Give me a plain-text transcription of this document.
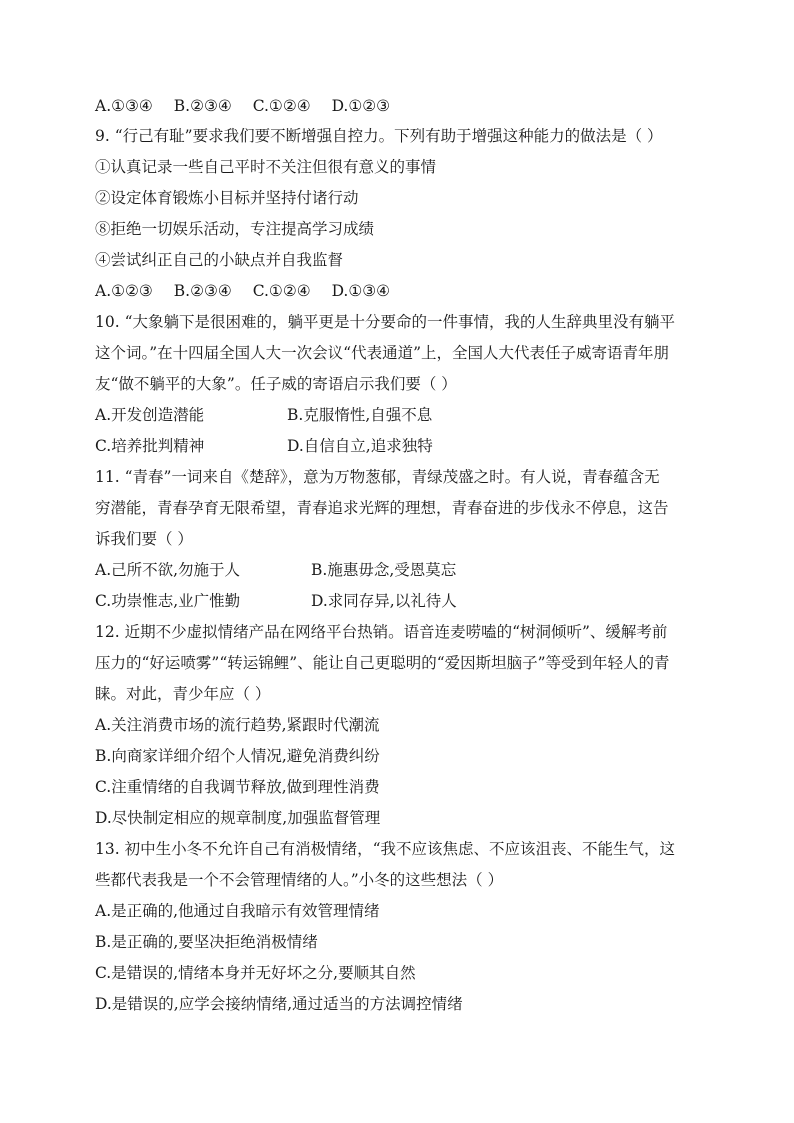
A.①③④ B.②③④ C.①②④ D.①②③
9. “行己有耻”要求我们要不断增强自控力。下列有助于增强这种能力的做法是（ ）
①认真记录一些自己平时不关注但很有意义的事情
②设定体育锻炼小目标并坚持付诸行动
⑧拒绝一切娱乐活动，专注提高学习成绩
④尝试纠正自己的小缺点并自我监督
A.①②③ B.②③④ C.①②④ D.①③④
10. “大象躺下是很困难的，躺平更是十分要命的一件事情，我的人生辞典里没有躺平
这个词。”在十四届全国人大一次会议“代表通道”上，全国人大代表任子威寄语青年朋
友“做不躺平的大象”。任子威的寄语启示我们要（ ）
A.开发创造潜能	B.克服惰性,自强不息
C.培养批判精神	D.自信自立,追求独特
11. “青春”一词来自《楚辞》，意为万物葱郁，青绿茂盛之时。有人说，青春蕴含无
穷潜能，青春孕育无限希望，青春追求光辉的理想，青春奋进的步伐永不停息，这告
诉我们要（ ）
A.己所不欲,勿施于人	B.施惠毋念,受恩莫忘
C.功崇惟志,业广惟勤	D.求同存异,以礼待人
12. 近期不少虚拟情绪产品在网络平台热销。语音连麦唠嗑的“树洞倾听”、缓解考前
压力的“好运喷雾”“转运锦鲤”、能让自己更聪明的“爱因斯坦脑子”等受到年轻人的青
睐。对此，青少年应（ ）
A.关注消费市场的流行趋势,紧跟时代潮流
B.向商家详细介绍个人情况,避免消费纠纷
C.注重情绪的自我调节释放,做到理性消费
D.尽快制定相应的规章制度,加强监督管理
13. 初中生小冬不允许自己有消极情绪，“我不应该焦虑、不应该沮丧、不能生气，这
些都代表我是一个不会管理情绪的人。”小冬的这些想法（ ）
A.是正确的,他通过自我暗示有效管理情绪
B.是正确的,要坚决拒绝消极情绪
C.是错误的,情绪本身并无好坏之分,要顺其自然
D.是错误的,应学会接纳情绪,通过适当的方法调控情绪
